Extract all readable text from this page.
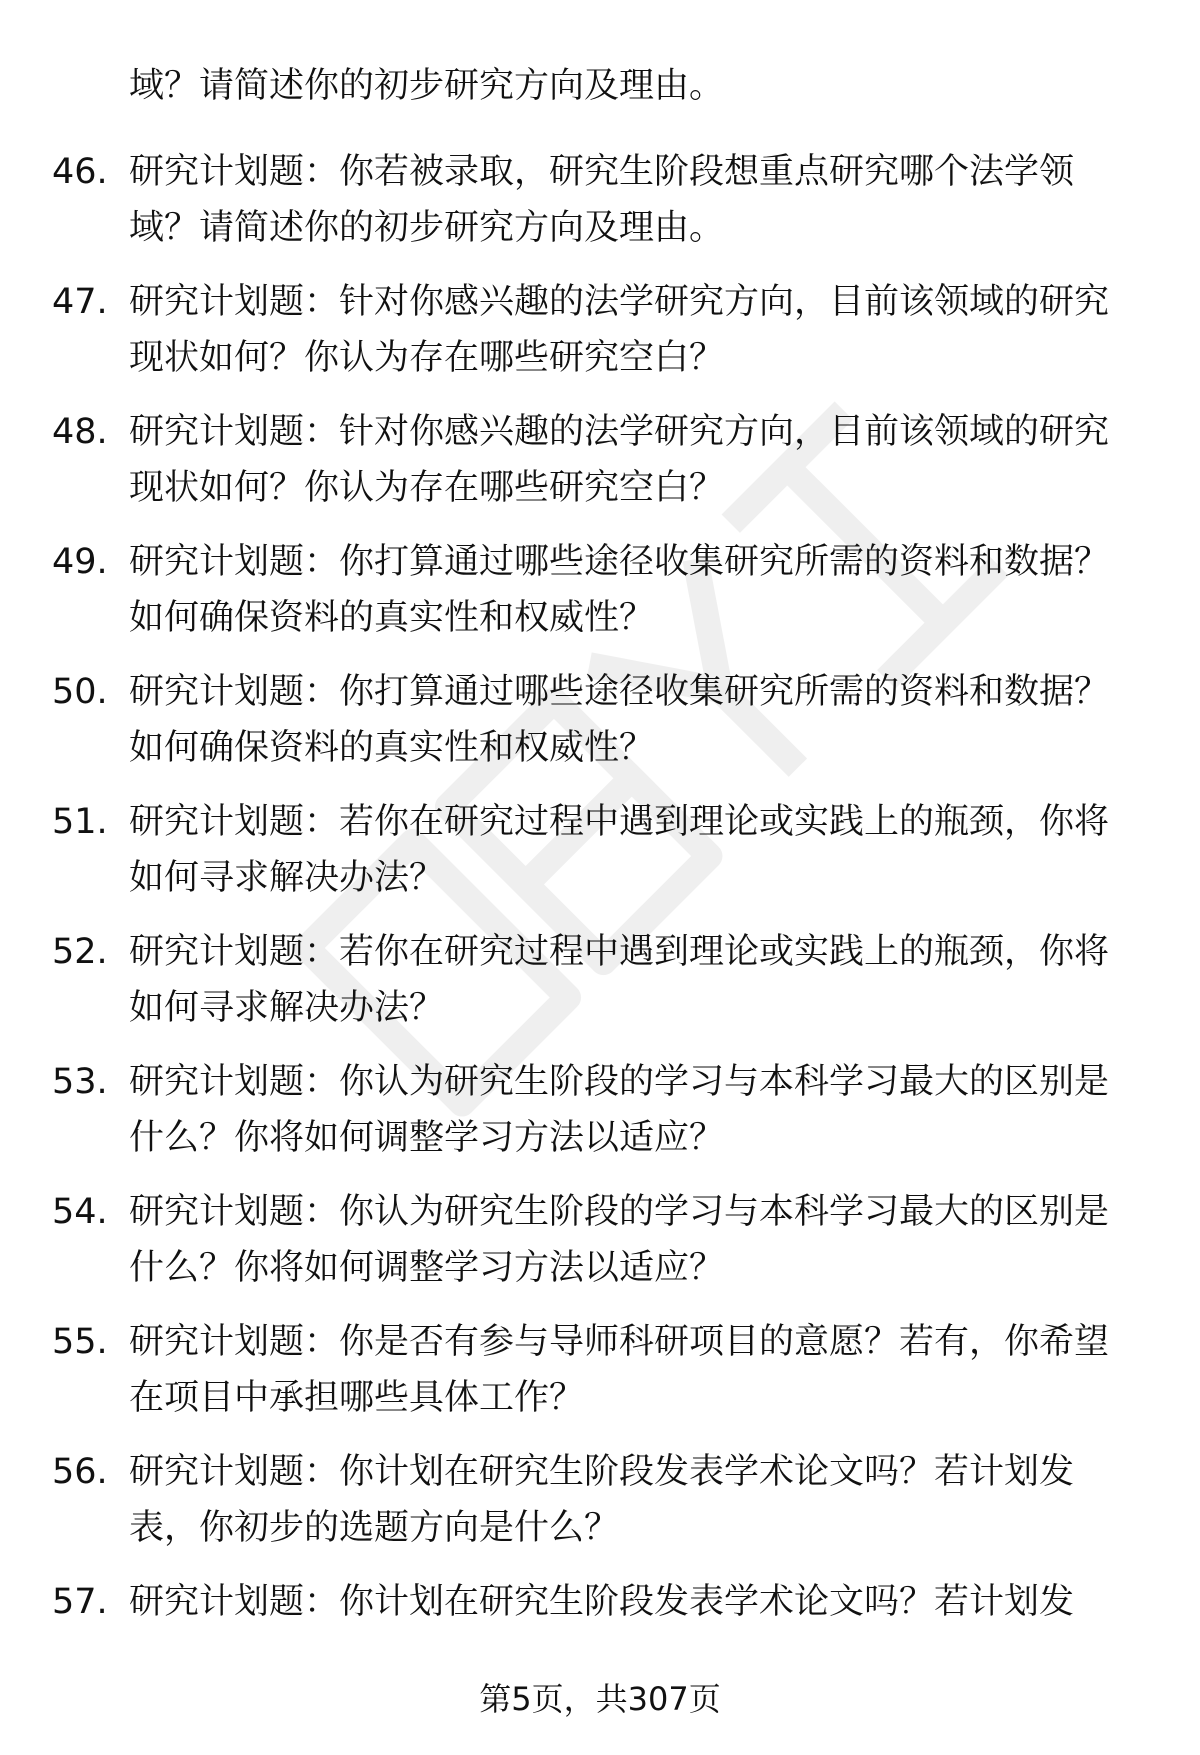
域？请简述你的初步研究方向及理由。

46. 研究计划题：你若被录取，研究生阶段想重点研究哪个法学领
域？请简述你的初步研究方向及理由。

47. 研究计划题：针对你感兴趣的法学研究方向，目前该领域的研究
现状如何？你认为存在哪些研究空白？

48. 研究计划题：针对你感兴趣的法学研究方向，目前该领域的研究
现状如何？你认为存在哪些研究空白？

49. 研究计划题：你打算通过哪些途径收集研究所需的资料和数据？
如何确保资料的真实性和权威性？

50. 研究计划题：你打算通过哪些途径收集研究所需的资料和数据？
如何确保资料的真实性和权威性？

51. 研究计划题：若你在研究过程中遇到理论或实践上的瓶颈，你将
如何寻求解决办法？

52. 研究计划题：若你在研究过程中遇到理论或实践上的瓶颈，你将
如何寻求解决办法？

53. 研究计划题：你认为研究生阶段的学习与本科学习最大的区别是
什么？你将如何调整学习方法以适应？

54. 研究计划题：你认为研究生阶段的学习与本科学习最大的区别是
什么？你将如何调整学习方法以适应？

55. 研究计划题：你是否有参与导师科研项目的意愿？若有，你希望
在项目中承担哪些具体工作？

56. 研究计划题：你计划在研究生阶段发表学术论文吗？若计划发
表，你初步的选题方向是什么？

57. 研究计划题：你计划在研究生阶段发表学术论文吗？若计划发

第5页，共307页
